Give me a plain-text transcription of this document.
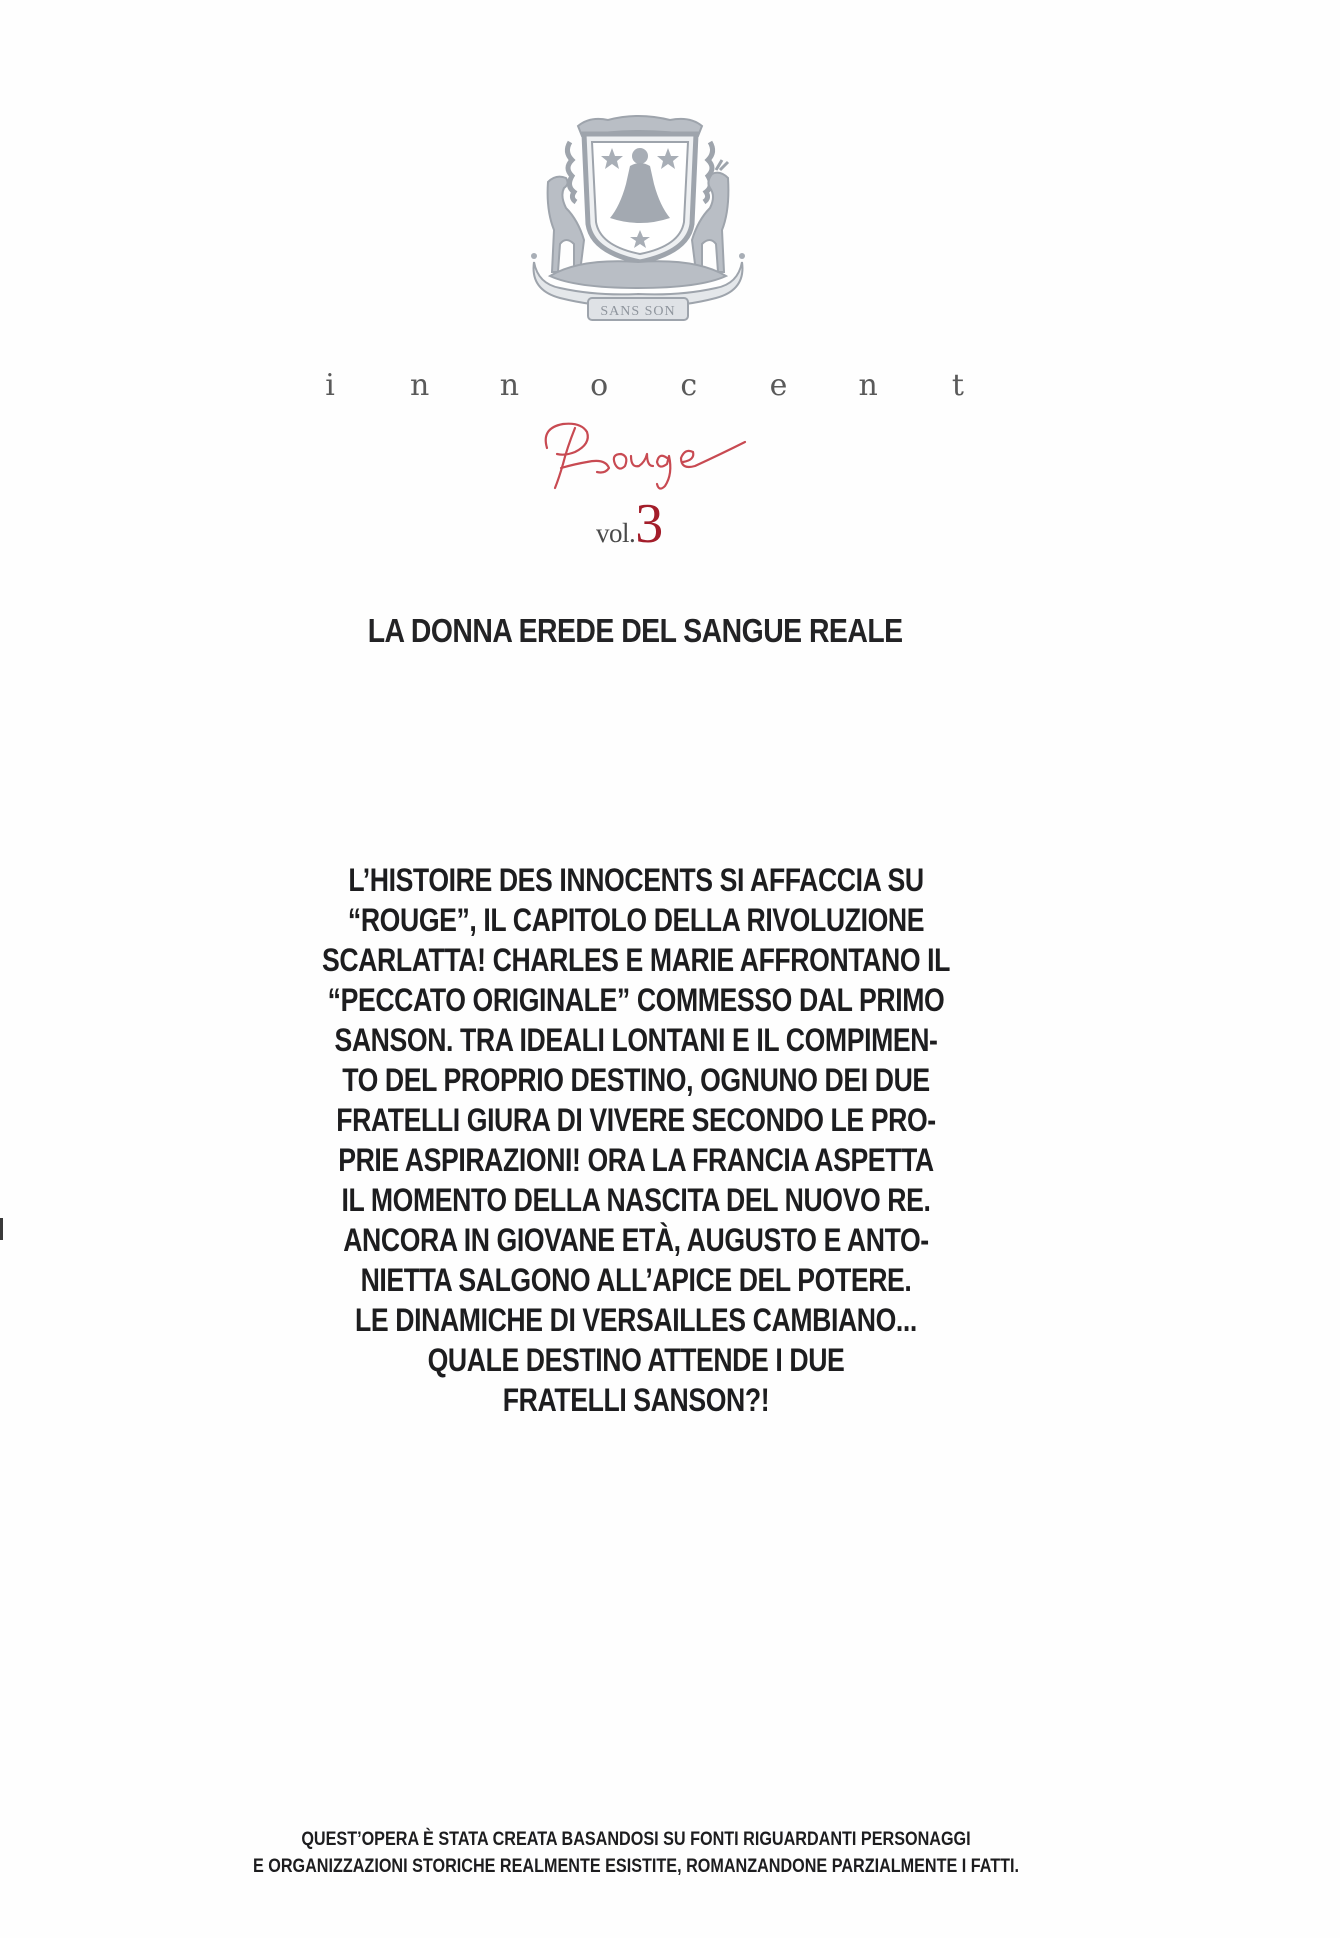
SANS SON
i	n n o c e n t
vol.3
LA DONNA EREDE DEL SANGUE REALE
L’HISTOIRE DES INNOCENTS SI AFFACCIA SU
“ROUGE”, IL CAPITOLO DELLA RIVOLUZIONE
SCARLATTA! CHARLES E MARIE AFFRONTANO IL
“PECCATO ORIGINALE” COMMESSO DAL PRIMO
SANSON. TRA IDEALI LONTANI E IL COMPIMEN-
TO DEL PROPRIO DESTINO, OGNUNO DEI DUE
FRATELLI GIURA DI VIVERE SECONDO LE PRO-
PRIE ASPIRAZIONI! ORA LA FRANCIA ASPETTA
IL MOMENTO DELLA NASCITA DEL NUOVO RE.
ANCORA IN GIOVANE ETÀ, AUGUSTO E ANTO-
NIETTA SALGONO ALL’APICE DEL POTERE.
LE DINAMICHE DI VERSAILLES CAMBIANO...
QUALE DESTINO ATTENDE I DUE
FRATELLI SANSON?!
QUEST’OPERA È STATA CREATA BASANDOSI SU FONTI RIGUARDANTI PERSONAGGI
E ORGANIZZAZIONI STORICHE REALMENTE ESISTITE, ROMANZANDONE PARZIALMENTE I FATTI.
